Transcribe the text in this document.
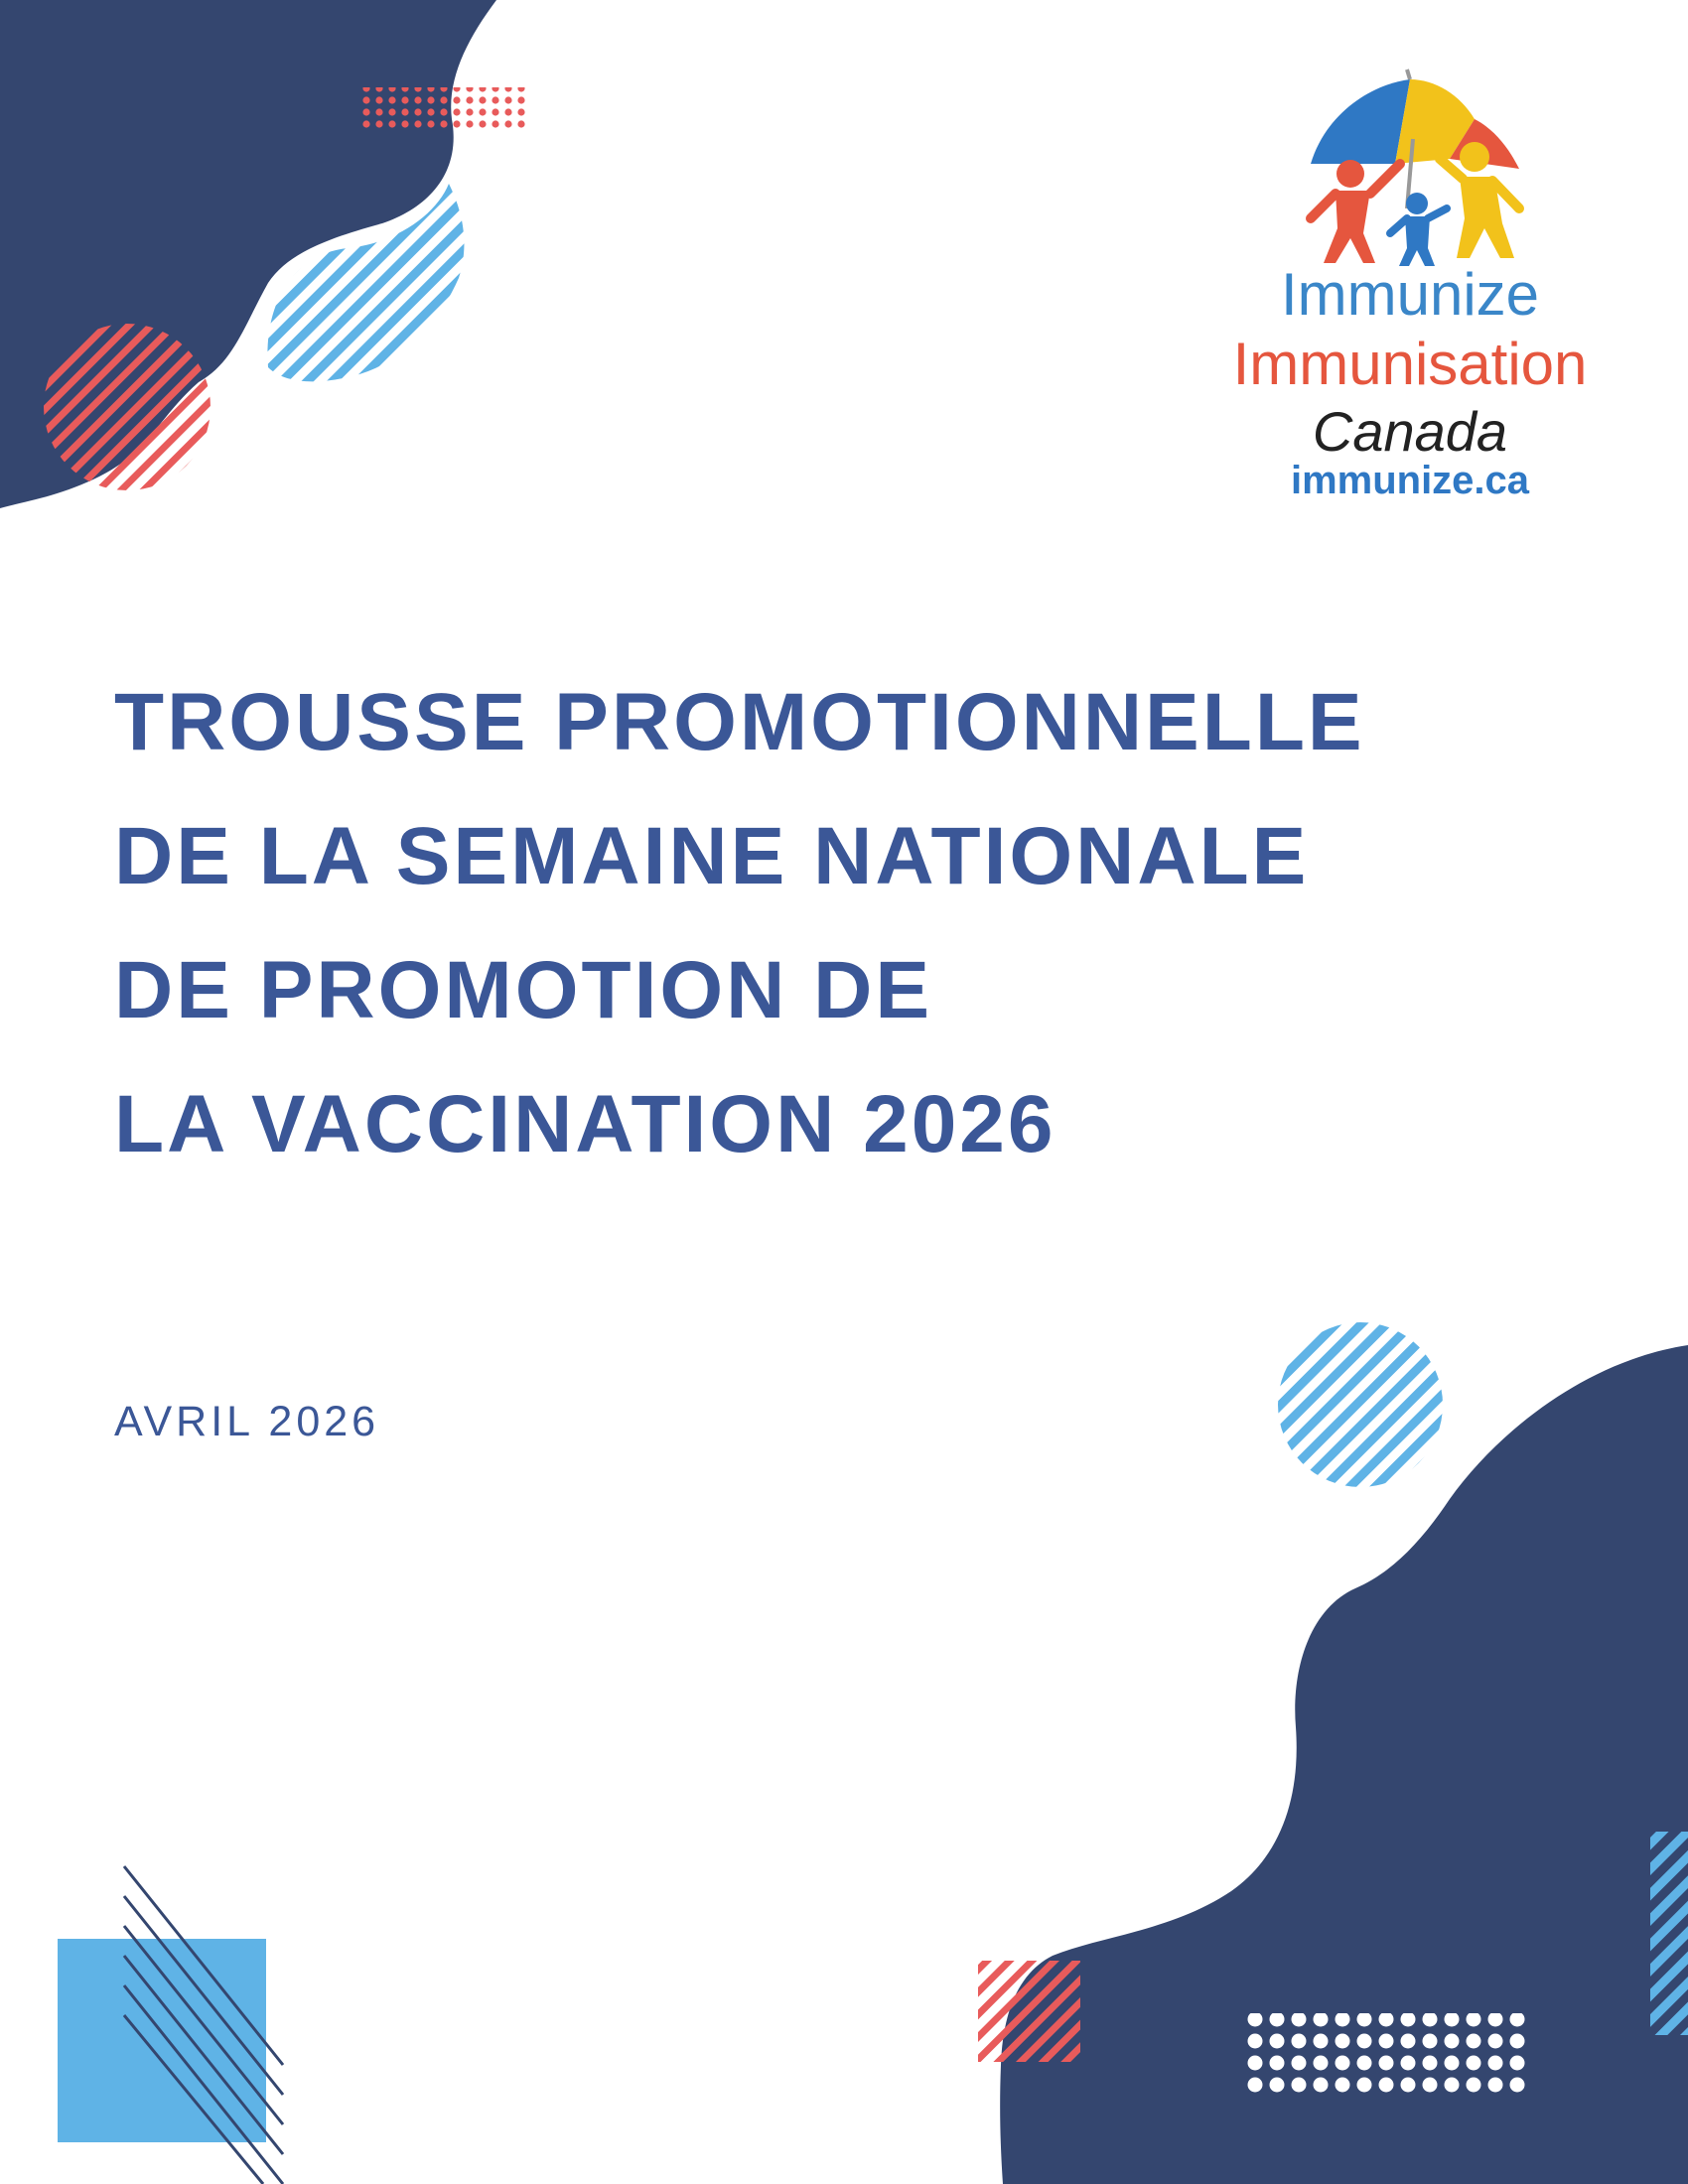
Immunize
Immunisation
Canada
immunize.ca
TROUSSE PROMOTIONNELLE
DE LA SEMAINE NATIONALE
DE PROMOTION DE
LA VACCINATION 2026
AVRIL 2026
